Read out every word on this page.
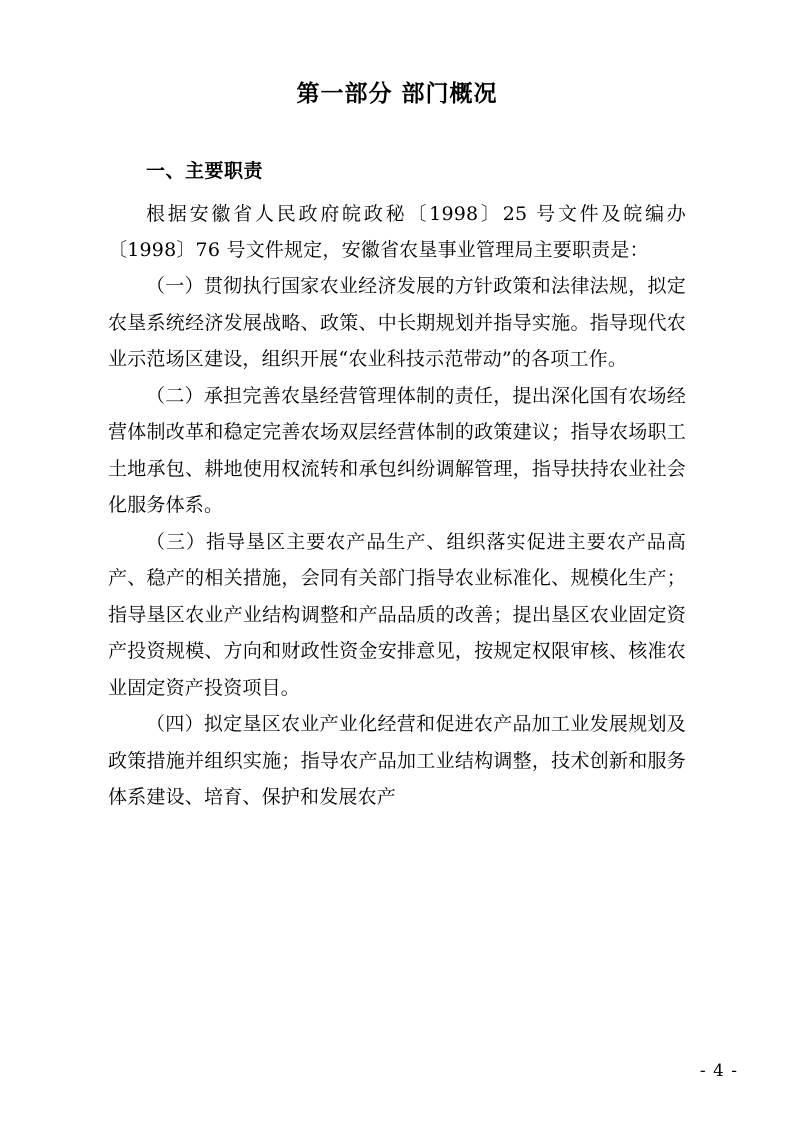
第一部分 部门概况
一、主要职责

根据安徽省人民政府皖政秘〔1998〕25 号文件及皖编办〔1998〕76 号文件规定，安徽省农垦事业管理局主要职责是：

（一）贯彻执行国家农业经济发展的方针政策和法律法规，拟定农垦系统经济发展战略、政策、中长期规划并指导实施。指导现代农业示范场区建设，组织开展“农业科技示范带动”的各项工作。

（二）承担完善农垦经营管理体制的责任，提出深化国有农场经营体制改革和稳定完善农场双层经营体制的政策建议；指导农场职工土地承包、耕地使用权流转和承包纠纷调解管理，指导扶持农业社会化服务体系。

（三）指导垦区主要农产品生产、组织落实促进主要农产品高产、稳产的相关措施，会同有关部门指导农业标准化、规模化生产；指导垦区农业产业结构调整和产品品质的改善；提出垦区农业固定资产投资规模、方向和财政性资金安排意见，按规定权限审核、核准农业固定资产投资项目。

（四）拟定垦区农业产业化经营和促进农产品加工业发展规划及政策措施并组织实施；指导农产品加工业结构调整，技术创新和服务体系建设、培育、保护和发展农产

- 4 -
